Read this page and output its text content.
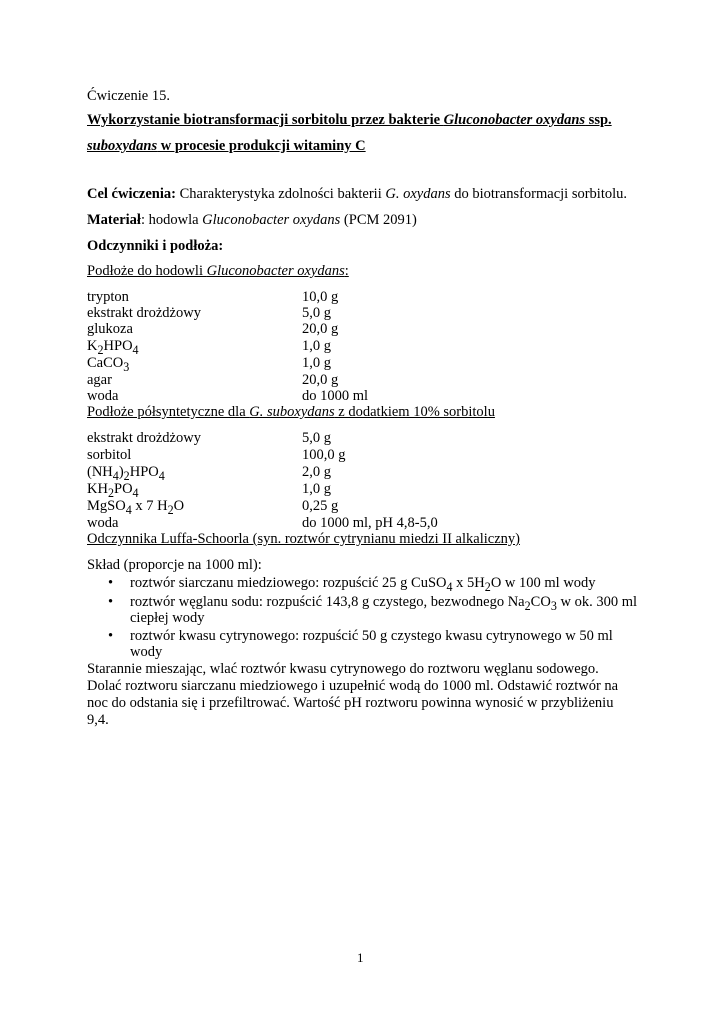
Ćwiczenie 15.
Wykorzystanie biotransformacji sorbitolu przez bakterie Gluconobacter oxydans ssp.
suboxydans w procesie produkcji witaminy C
Cel ćwiczenia: Charakterystyka zdolności bakterii G. oxydans do biotransformacji sorbitolu.
Materiał: hodowla Gluconobacter oxydans (PCM 2091)
Odczynniki i podłoża:
Podłoże do hodowli Gluconobacter oxydans:
trypton	10,0 g
ekstrakt drożdżowy	5,0 g
glukoza	20,0 g
$K_2HPO_4$	1,0 g
CaCO$_3$	1,0 g
agar	20,0 g
woda	do 1000 ml
Podłoże półsyntetyczne dla G. suboxydans z dodatkiem 10% sorbitolu
ekstrakt drożdżowy	5,0 g
sorbitol	100,0 g
$(NH_4)_2HPO_4$	2,0 g
$KH_2PO_4$	1,0 g
MgSO$_4$ x 7 $H_2O$	0,25 g
woda	do 1000 ml, pH 4,8-5,0
Odczynnika Luffa-Schoorla (syn. roztwór cytrynianu miedzi II alkaliczny)
Skład (proporcje na 1000 ml):
• roztwór siarczanu miedziowego: rozpuścić 25 g CuSO$_4$ x $5H_2O$ w 100 ml wody
• roztwór węglanu sodu: rozpuścić 143,8 g czystego, bezwodnego $Na_2CO_3$ w ok. 300 ml
ciepłej wody
• roztwór kwasu cytrynowego: rozpuścić 50 g czystego kwasu cytrynowego w 50 ml
wody
Starannie mieszając, wlać roztwór kwasu cytrynowego do roztworu węglanu sodowego.
Dolać roztworu siarczanu miedziowego i uzupełnić wodą do 1000 ml. Odstawić roztwór na
noc do odstania się i przefiltrować. Wartość pH roztworu powinna wynosić w przybliżeniu
9,4.
1
